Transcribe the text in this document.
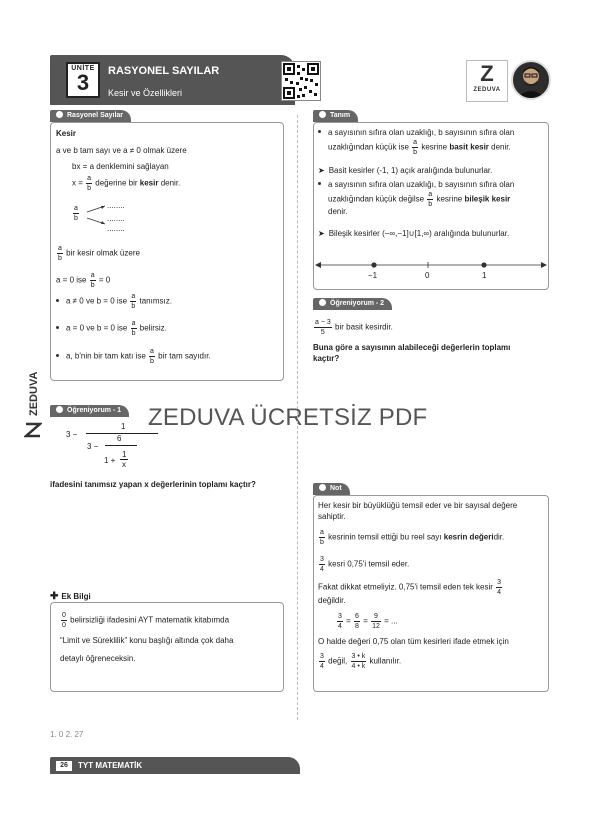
ÜNİTE
3	RASYONEL SAYILAR
Kesir ve Özellikleri
Z
ZEDUVA
Rasyonel Sayılar
Kesir
a ve b tam sayı ve a ≠ 0 olmak üzere
bx = a denklemini sağlayan
$x = \frac{a}{b}$ değerine bir kesir denir.
$\frac{a}{b}$	........
........
........
$\frac{a}{b}$ bir kesir olmak üzere
a = 0 ise $\frac{a}{b} = 0$
a ≠ 0 ve b = 0 ise $\frac{a}{b}$ tanımsız.
a = 0 ve b = 0 ise $\frac{a}{b}$ belirsiz.
a, b'nin bir tam katı ise $\frac{a}{b}$ bir tam sayıdır.
ZEDUVA	Öğreniyorum - 1
3 −
1
3 −
6
1 +
1
x
ifadesini tanımsız yapan x değerlerinin toplamı kaçtır?
ZEDUVA ÜCRETSİZ PDF
✚ Ek Bilgi
$\frac{0}{0}$ belirsizliği ifadesini AYT matematik kitabımda
“Limit ve Süreklilik” konu başlığı altında çok daha
detaylı öğreneceksin.
Tanım
a sayısının sıfıra olan uzaklığı, b sayısının sıfıra olan
uzaklığından küçük ise $\frac{a}{b}$ kesrine basit kesir denir.
➤ Basit kesirler (-1, 1) açık aralığında bulunurlar.
a sayısının sıfıra olan uzaklığı, b sayısının sıfıra olan
uzaklığından küçük değilse $\frac{a}{b}$ kesrine bileşik kesir
denir.
➤ Bileşik kesirler (−∞,−1]∪[1,∞) aralığında bulunurlar.
−1	0	1
Öğreniyorum - 2
$\frac{a - 3}{5}$ bir basit kesirdir.
Buna göre a sayısının alabileceği değerlerin toplamı
kaçtır?
Not
Her kesir bir büyüklüğü temsil eder ve bir sayısal değere
sahiptir.
$\frac{a}{b}$ kesrinin temsil ettiği bu reel sayı kesrin değeridir.
$\frac{3}{4}$ kesri 0,75'i temsil eder.
Fakat dikkat etmeliyiz. 0,75'i temsil eden tek kesir $\frac{3}{4}$
değildir.
$\frac{3}{4} = \frac{6}{8} = \frac{9}{12}$ = ...
O halde değeri 0,75 olan tüm kesirleri ifade etmek için
$\frac{3}{4}$ değil, $\frac{3 • k}{4 • k}$ kullanılır.
1. 0 2. 27
26	TYT MATEMATİK
